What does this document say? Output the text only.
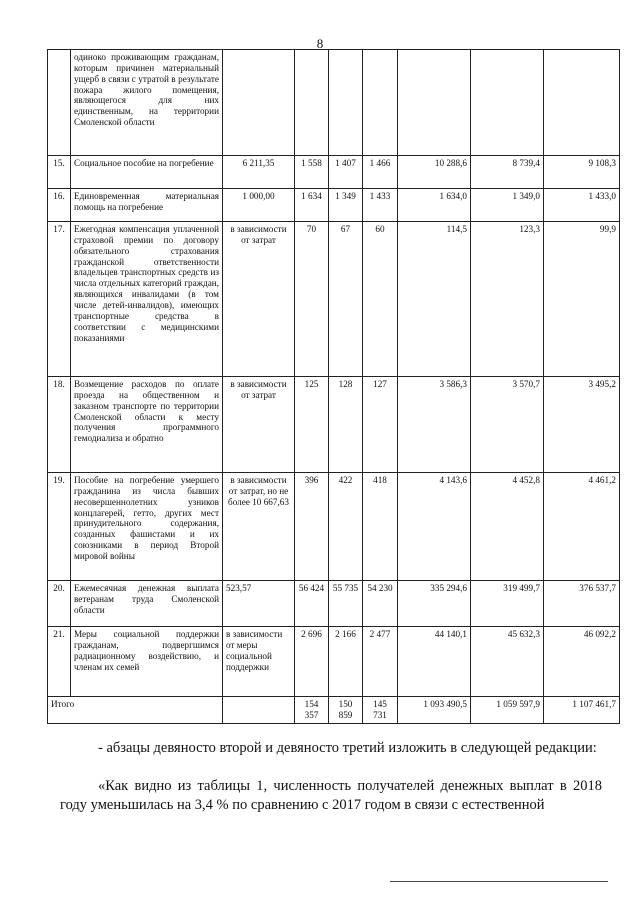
8
	одиноко проживающим гражданам, которым причинен материальный ущерб в связи с утратой в результате пожара жилого помещения, являющегося для них единственным, на территории Смоленской области							
15.	Социальное пособие на погребение	6 211,35	1 558	1 407	1 466	10 288,6	8 739,4	9 108,3
16.	Единовременная материальная помощь на погребение	1 000,00	1 634	1 349	1 433	1 634,0	1 349,0	1 433,0
17.	Ежегодная компенсация уплаченной страховой премии по договору обязательного страхования гражданской ответственности владельцев транспортных средств из числа отдельных категорий граждан, являющихся инвалидами (в том числе детей-инвалидов), имеющих транспортные средства в соответствии с медицинскими показаниями	в зависимости от затрат	70	67	60	114,5	123,3	99,9
18.	Возмещение расходов по оплате проезда на общественном и заказном транспорте по территории Смоленской области к месту получения программного гемодиализа и обратно	в зависимости от затрат	125	128	127	3 586,3	3 570,7	3 495,2
19.	Пособие на погребение умершего гражданина из числа бывших несовершеннолетних узников концлагерей, гетто, других мест принудительного содержания, созданных фашистами и их союзниками в период Второй мировой войны	в зависимости от затрат, но не более 10 667,63	396	422	418	4 143,6	4 452,8	4 461,2
20.	Ежемесячная денежная выплата ветеранам труда Смоленской области	523,57	56 424	55 735	54 230	335 294,6	319 499,7	376 537,7
21.	Меры социальной поддержки гражданам, подвергшимся радиационному воздействию, и членам их семей	в зависимости от меры социальной поддержки	2 696	2 166	2 477	44 140,1	45 632,3	46 092,2
Итого			154 357	150 859	145 731	1 093 490,5	1 059 597,9	1 107 461,7
- абзацы девяносто второй и девяносто третий изложить в следующей редакции:
«Как видно из таблицы 1, численность получателей денежных выплат в 2018 году уменьшилась на 3,4 % по сравнению с 2017 годом в связи с естественной
